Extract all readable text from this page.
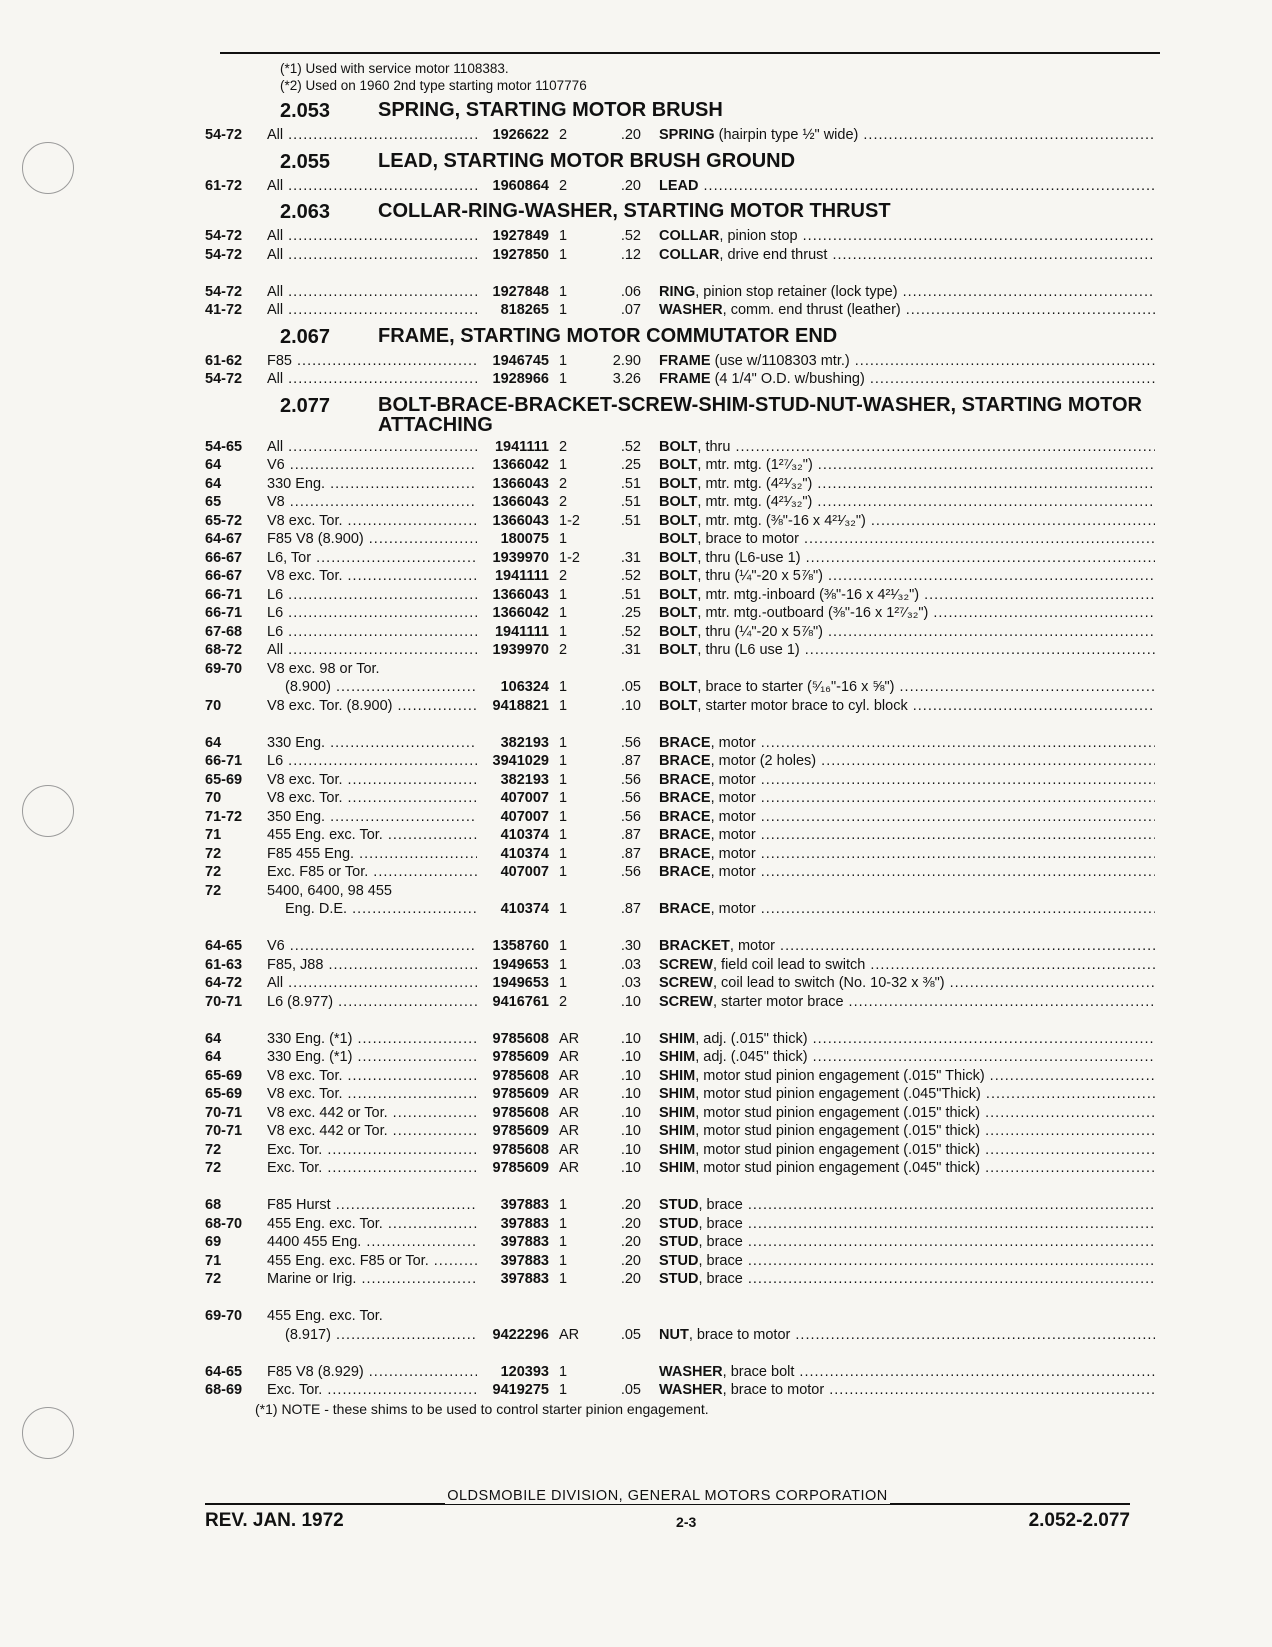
(*1) Used with service motor 1108383.
(*2) Used on 1960 2nd type starting motor 1107776
2.053	SPRING, STARTING MOTOR BRUSH
54-72	All .....	1926622 2	.20	SPRING (hairpin type ½" wide) .....
2.055	LEAD, STARTING MOTOR BRUSH GROUND
61-72	All .....	1960864 2	.20	LEAD .....
2.063	COLLAR-RING-WASHER, STARTING MOTOR THRUST
54-72	All .....	1927849 1	.52	COLLAR, pinion stop .....
54-72	All .....	1927850 1	.12	COLLAR, drive end thrust .....
54-72	All .....	1927848 1	.06	RING, pinion stop retainer (lock type) .....
41-72	All .....	818265 1	.07	WASHER, comm. end thrust (leather) .....
2.067	FRAME, STARTING MOTOR COMMUTATOR END
61-62	F85 .....	1946745 1	2.90	FRAME (use w/1108303 mtr.) .....
54-72	All .....	1928966 1	3.26	FRAME (4 1/4" O.D. w/bushing) .....
2.077	BOLT-BRACE-BRACKET-SCREW-SHIM-STUD-NUT-WASHER, STARTING MOTOR ATTACHING
54-65	All .....	1941111 2	.52	BOLT, thru .....
64	V6 .....	1366042 1	.25	BOLT, mtr. mtg. (1²⁷⁄₃₂") .....
64	330 Eng. .....	1366043 2	.51	BOLT, mtr. mtg. (4²¹⁄₃₂") .....
65	V8 .....	1366043 2	.51	BOLT, mtr. mtg. (4²¹⁄₃₂") .....
65-72	V8 exc. Tor. .....	1366043 1-2	.51	BOLT, mtr. mtg. (⅜"-16 x 4²¹⁄₃₂") .....
64-67	F85 V8 (8.900) .....	180075 1	BOLT, brace to motor .....
66-67	L6, Tor .....	1939970 1-2	.31	BOLT, thru (L6-use 1) .....
66-67	V8 exc. Tor. .....	1941111 2	.52	BOLT, thru (¼"-20 x 5⅞") .....
66-71	L6 .....	1366043 1	.51	BOLT, mtr. mtg.-inboard (⅜"-16 x 4²¹⁄₃₂") .....
66-71	L6 .....	1366042 1	.25	BOLT, mtr. mtg.-outboard (⅜"-16 x 1²⁷⁄₃₂") .....
67-68	L6 .....	1941111 1	.52	BOLT, thru (¼"-20 x 5⅞") .....
68-72	All .....	1939970 2	.31	BOLT, thru (L6 use 1) .....
69-70	V8 exc. 98 or Tor.
(8.900) .....	106324 1	.05	BOLT, brace to starter (⁵⁄₁₆"-16 x ⅝") .....
70	V8 exc. Tor. (8.900) .....	9418821 1	.10	BOLT, starter motor brace to cyl. block .....
64	330 Eng. .....	382193 1	.56	BRACE, motor .....
66-71	L6 .....	3941029 1	.87	BRACE, motor (2 holes) .....
65-69	V8 exc. Tor. .....	382193 1	.56	BRACE, motor .....
70	V8 exc. Tor. .....	407007 1	.56	BRACE, motor .....
71-72	350 Eng. .....	407007 1	.56	BRACE, motor .....
71	455 Eng. exc. Tor. .....	410374 1	.87	BRACE, motor .....
72	F85 455 Eng. .....	410374 1	.87	BRACE, motor .....
72	Exc. F85 or Tor. .....	407007 1	.56	BRACE, motor .....
72	5400, 6400, 98 455
Eng. D.E. .....	410374 1	.87	BRACE, motor .....
64-65	V6 .....	1358760 1	.30	BRACKET, motor .....
61-63	F85, J88 .....	1949653 1	.03	SCREW, field coil lead to switch .....
64-72	All .....	1949653 1	.03	SCREW, coil lead to switch (No. 10-32 x ⅜") .....
70-71	L6 (8.977) .....	9416761 2	.10	SCREW, starter motor brace .....
64	330 Eng. (*1) .....	9785608 AR	.10	SHIM, adj. (.015" thick) .....
64	330 Eng. (*1) .....	9785609 AR	.10	SHIM, adj. (.045" thick) .....
65-69	V8 exc. Tor. .....	9785608 AR	.10	SHIM, motor stud pinion engagement (.015" Thick) .....
65-69	V8 exc. Tor. .....	9785609 AR	.10	SHIM, motor stud pinion engagement (.045"Thick) .....
70-71	V8 exc. 442 or Tor. .....	9785608 AR	.10	SHIM, motor stud pinion engagement (.015" thick) .....
70-71	V8 exc. 442 or Tor. .....	9785609 AR	.10	SHIM, motor stud pinion engagement (.015" thick) .....
72	Exc. Tor. .....	9785608 AR	.10	SHIM, motor stud pinion engagement (.015" thick) .....
72	Exc. Tor. .....	9785609 AR	.10	SHIM, motor stud pinion engagement (.045" thick) .....
68	F85 Hurst .....	397883 1	.20	STUD, brace .....
68-70	455 Eng. exc. Tor. .....	397883 1	.20	STUD, brace .....
69	4400 455 Eng. .....	397883 1	.20	STUD, brace .....
71	455 Eng. exc. F85 or Tor. .....	397883 1	.20	STUD, brace .....
72	Marine or Irig. .....	397883 1	.20	STUD, brace .....
69-70	455 Eng. exc. Tor.
(8.917) .....	9422296 AR	.05	NUT, brace to motor .....
64-65	F85 V8 (8.929) .....	120393 1	WASHER, brace bolt .....
68-69	Exc. Tor. .....	9419275 1	.05	WASHER, brace to motor .....
(*1) NOTE - these shims to be used to control starter pinion engagement.
OLDSMOBILE DIVISION, GENERAL MOTORS CORPORATION
REV. JAN. 1972	2-3	2.052-2.077
